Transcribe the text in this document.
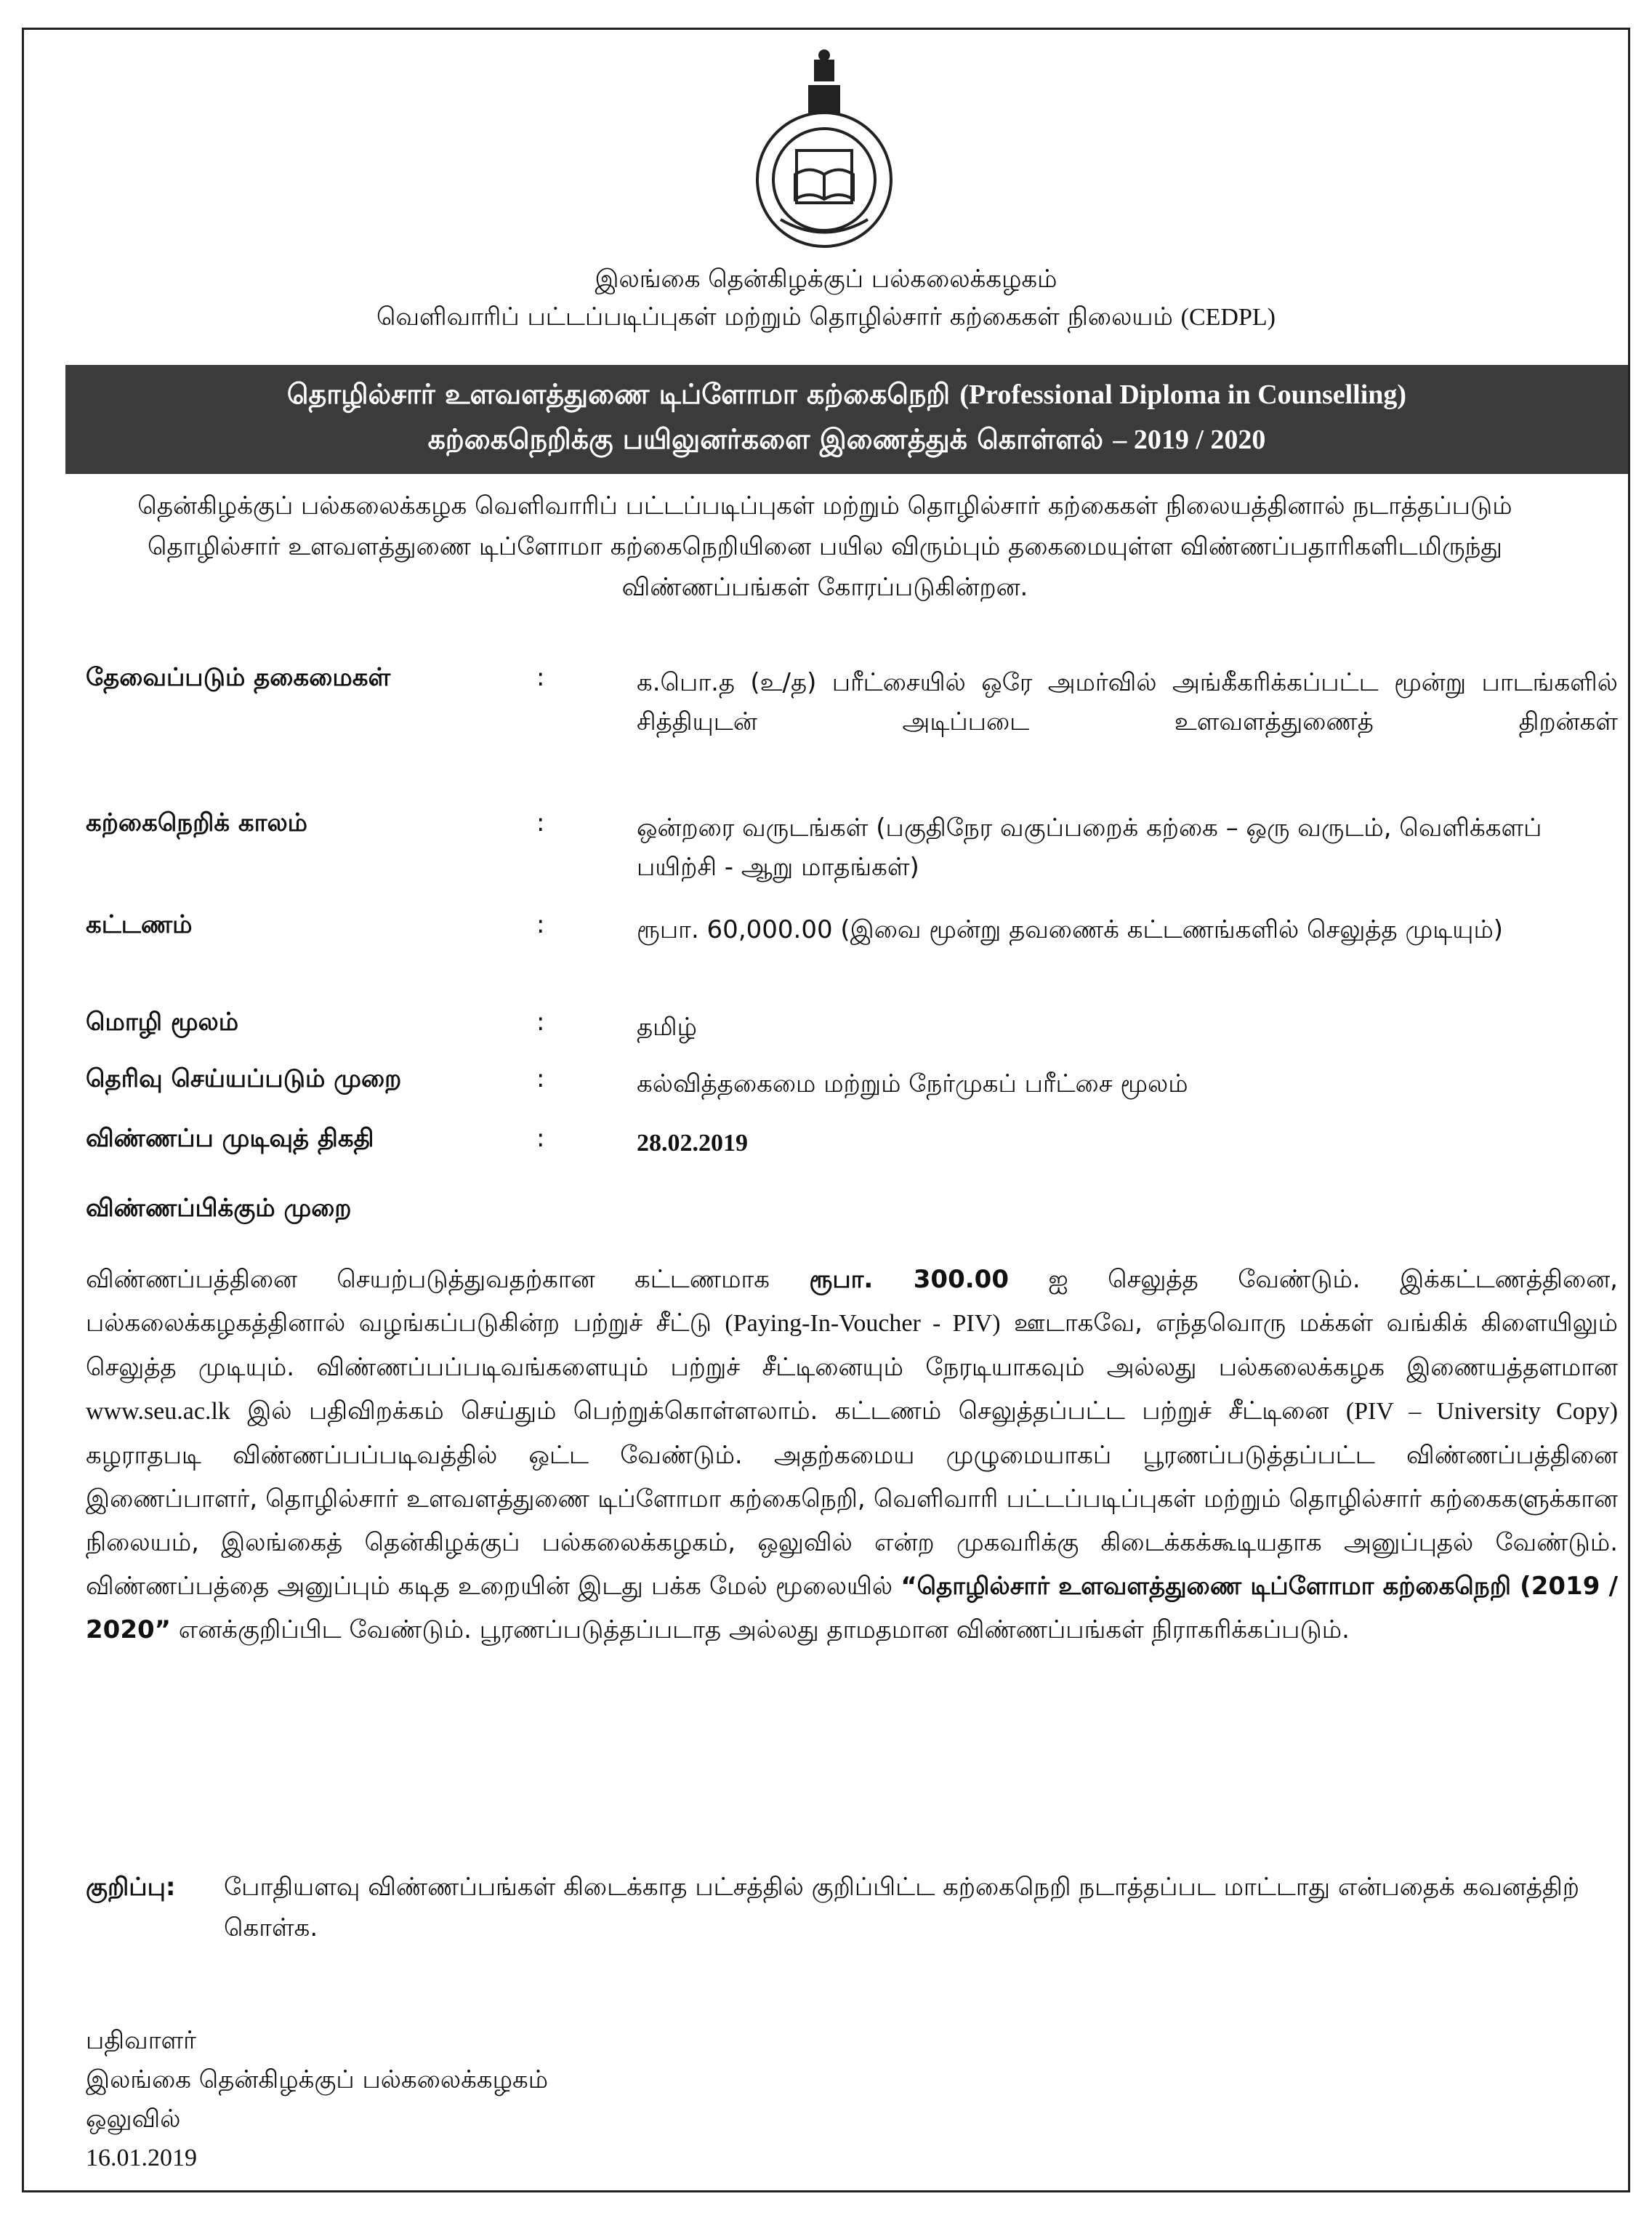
இலங்கை தென்கிழக்குப் பல்கலைக்கழகம்
வெளிவாரிப் பட்டப்படிப்புகள் மற்றும் தொழில்சார் கற்கைகள் நிலையம் (CEDPL)
தொழில்சார் உளவளத்துணை டிப்ளோமா கற்கைநெறி (Professional Diploma in Counselling)
கற்கைநெறிக்கு பயிலுனர்களை இணைத்துக் கொள்ளல் – 2019 / 2020
தென்கிழக்குப் பல்கலைக்கழக வெளிவாரிப் பட்டப்படிப்புகள் மற்றும் தொழில்சார் கற்கைகள் நிலையத்தினால் நடாத்தப்படும் தொழில்சார் உளவளத்துணை டிப்ளோமா கற்கைநெறியினை பயில விரும்பும் தகைமையுள்ள விண்ணப்பதாரிகளிடமிருந்து விண்ணப்பங்கள் கோரப்படுகின்றன.
தேவைப்படும் தகைமைகள்	:	க.பொ.த (உ/த) பரீட்சையில் ஒரே அமர்வில் அங்கீகரிக்கப்பட்ட மூன்று பாடங்களில் சித்தியுடன் அடிப்படை உளவளத்துணைத் திறன்கள்
கற்கைநெறிக் காலம்	:	ஒன்றரை வருடங்கள் (பகுதிநேர வகுப்பறைக் கற்கை – ஒரு வருடம், வெளிக்களப் பயிற்சி - ஆறு மாதங்கள்)
கட்டணம்	:	ரூபா. 60,000.00 (இவை மூன்று தவணைக் கட்டணங்களில் செலுத்த முடியும்)
மொழி மூலம்	:	தமிழ்
தெரிவு செய்யப்படும் முறை	:	கல்வித்தகைமை மற்றும் நேர்முகப் பரீட்சை மூலம்
விண்ணப்ப முடிவுத் திகதி	:	28.02.2019
விண்ணப்பிக்கும் முறை
விண்ணப்பத்தினை செயற்படுத்துவதற்கான கட்டணமாக ரூபா. 300.00 ஐ செலுத்த வேண்டும். இக்கட்டணத்தினை, பல்கலைக்கழகத்தினால் வழங்கப்படுகின்ற பற்றுச் சீட்டு (Paying-In-Voucher - PIV) ஊடாகவே, எந்தவொரு மக்கள் வங்கிக் கிளையிலும் செலுத்த முடியும். விண்ணப்பப்படிவங்களையும் பற்றுச் சீட்டினையும் நேரடியாகவும் அல்லது பல்கலைக்கழக இணையத்தளமான www.seu.ac.lk இல் பதிவிறக்கம் செய்தும் பெற்றுக்கொள்ளலாம். கட்டணம் செலுத்தப்பட்ட பற்றுச் சீட்டினை (PIV – University Copy) கழராதபடி விண்ணப்பப்படிவத்தில் ஒட்ட வேண்டும். அதற்கமைய முழுமையாகப் பூரணப்படுத்தப்பட்ட விண்ணப்பத்தினை இணைப்பாளர், தொழில்சார் உளவளத்துணை டிப்ளோமா கற்கைநெறி, வெளிவாரி பட்டப்படிப்புகள் மற்றும் தொழில்சார் கற்கைகளுக்கான நிலையம், இலங்கைத் தென்கிழக்குப் பல்கலைக்கழகம், ஒலுவில் என்ற முகவரிக்கு கிடைக்கக்கூடியதாக அனுப்புதல் வேண்டும். விண்ணப்பத்தை அனுப்பும் கடித உறையின் இடது பக்க மேல் மூலையில் “தொழில்சார் உளவளத்துணை டிப்ளோமா கற்கைநெறி (2019 / 2020” எனக்குறிப்பிட வேண்டும். பூரணப்படுத்தப்படாத அல்லது தாமதமான விண்ணப்பங்கள் நிராகரிக்கப்படும்.
குறிப்பு: போதியளவு விண்ணப்பங்கள் கிடைக்காத பட்சத்தில் குறிப்பிட்ட கற்கைநெறி நடாத்தப்பட மாட்டாது என்பதைக் கவனத்திற் கொள்க.
பதிவாளர்
இலங்கை தென்கிழக்குப் பல்கலைக்கழகம்
ஒலுவில்
16.01.2019
